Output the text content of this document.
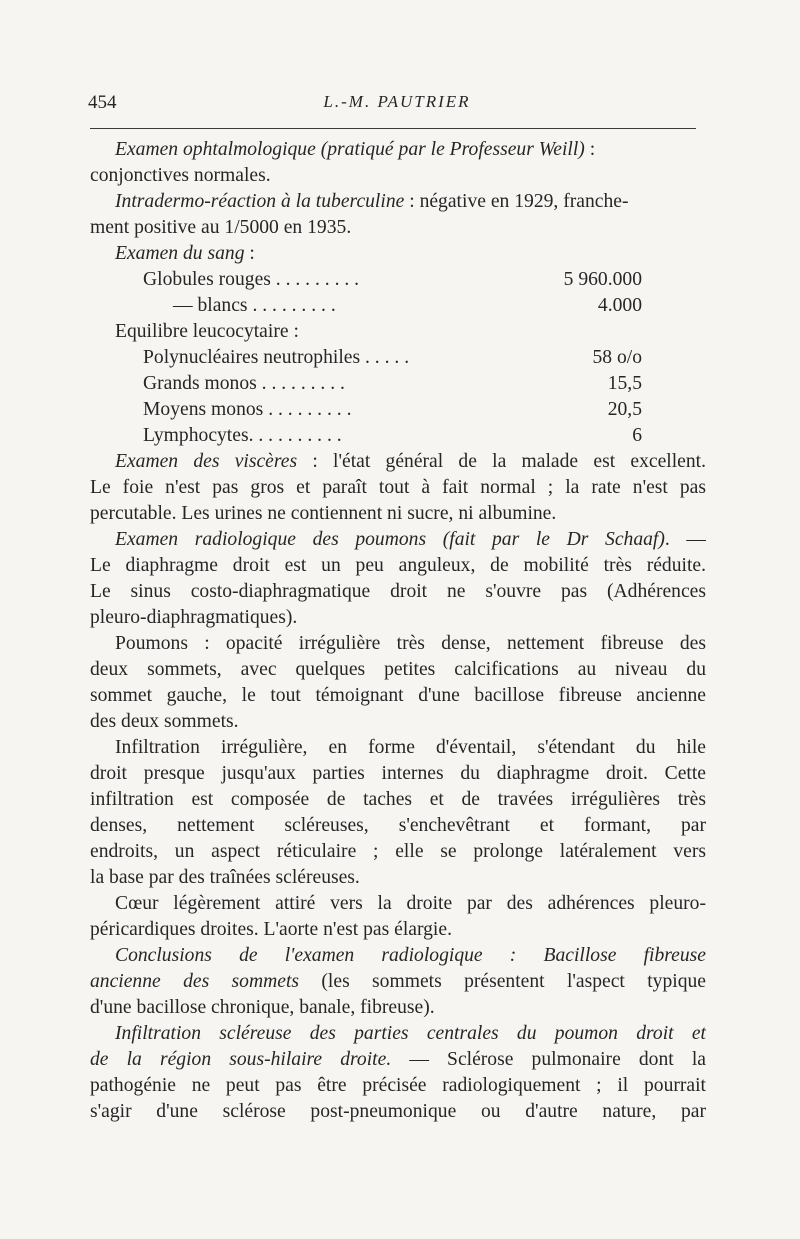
454	L.-M. PAUTRIER
Examen ophtalmologique (pratiqué par le Professeur Weill) :
conjonctives normales.
Intradermo-réaction à la tuberculine : négative en 1929, franche-
ment positive au 1/5000 en 1935.
Examen du sang :
Globules rouges . . . . . . . . .	5 960.000
— blancs . . . . . . . . .	4.000
Equilibre leucocytaire :
Polynucléaires neutrophiles . . . . .	58 o/o
Grands monos . . . . . . . . .	15,5
Moyens monos . . . . . . . . .	20,5
Lymphocytes. . . . . . . . . .	6
Examen des viscères : l'état général de la malade est excellent.
Le foie n'est pas gros et paraît tout à fait normal ; la rate n'est pas
percutable. Les urines ne contiennent ni sucre, ni albumine.
Examen radiologique des poumons (fait par le Dr Schaaf). —
Le diaphragme droit est un peu anguleux, de mobilité très réduite.
Le sinus costo-diaphragmatique droit ne s'ouvre pas (Adhérences
pleuro-diaphragmatiques).
Poumons : opacité irrégulière très dense, nettement fibreuse des
deux sommets, avec quelques petites calcifications au niveau du
sommet gauche, le tout témoignant d'une bacillose fibreuse ancienne
des deux sommets.
Infiltration irrégulière, en forme d'éventail, s'étendant du hile
droit presque jusqu'aux parties internes du diaphragme droit. Cette
infiltration est composée de taches et de travées irrégulières très
denses, nettement scléreuses, s'enchevêtrant et formant, par
endroits, un aspect réticulaire ; elle se prolonge latéralement vers
la base par des traînées scléreuses.
Cœur légèrement attiré vers la droite par des adhérences pleuro-
péricardiques droites. L'aorte n'est pas élargie.
Conclusions de l'examen radiologique : Bacillose fibreuse
ancienne des sommets (les sommets présentent l'aspect typique
d'une bacillose chronique, banale, fibreuse).
Infiltration scléreuse des parties centrales du poumon droit et
de la région sous-hilaire droite. — Sclérose pulmonaire dont la
pathogénie ne peut pas être précisée radiologiquement ; il pourrait
s'agir d'une sclérose post-pneumonique ou d'autre nature, par
